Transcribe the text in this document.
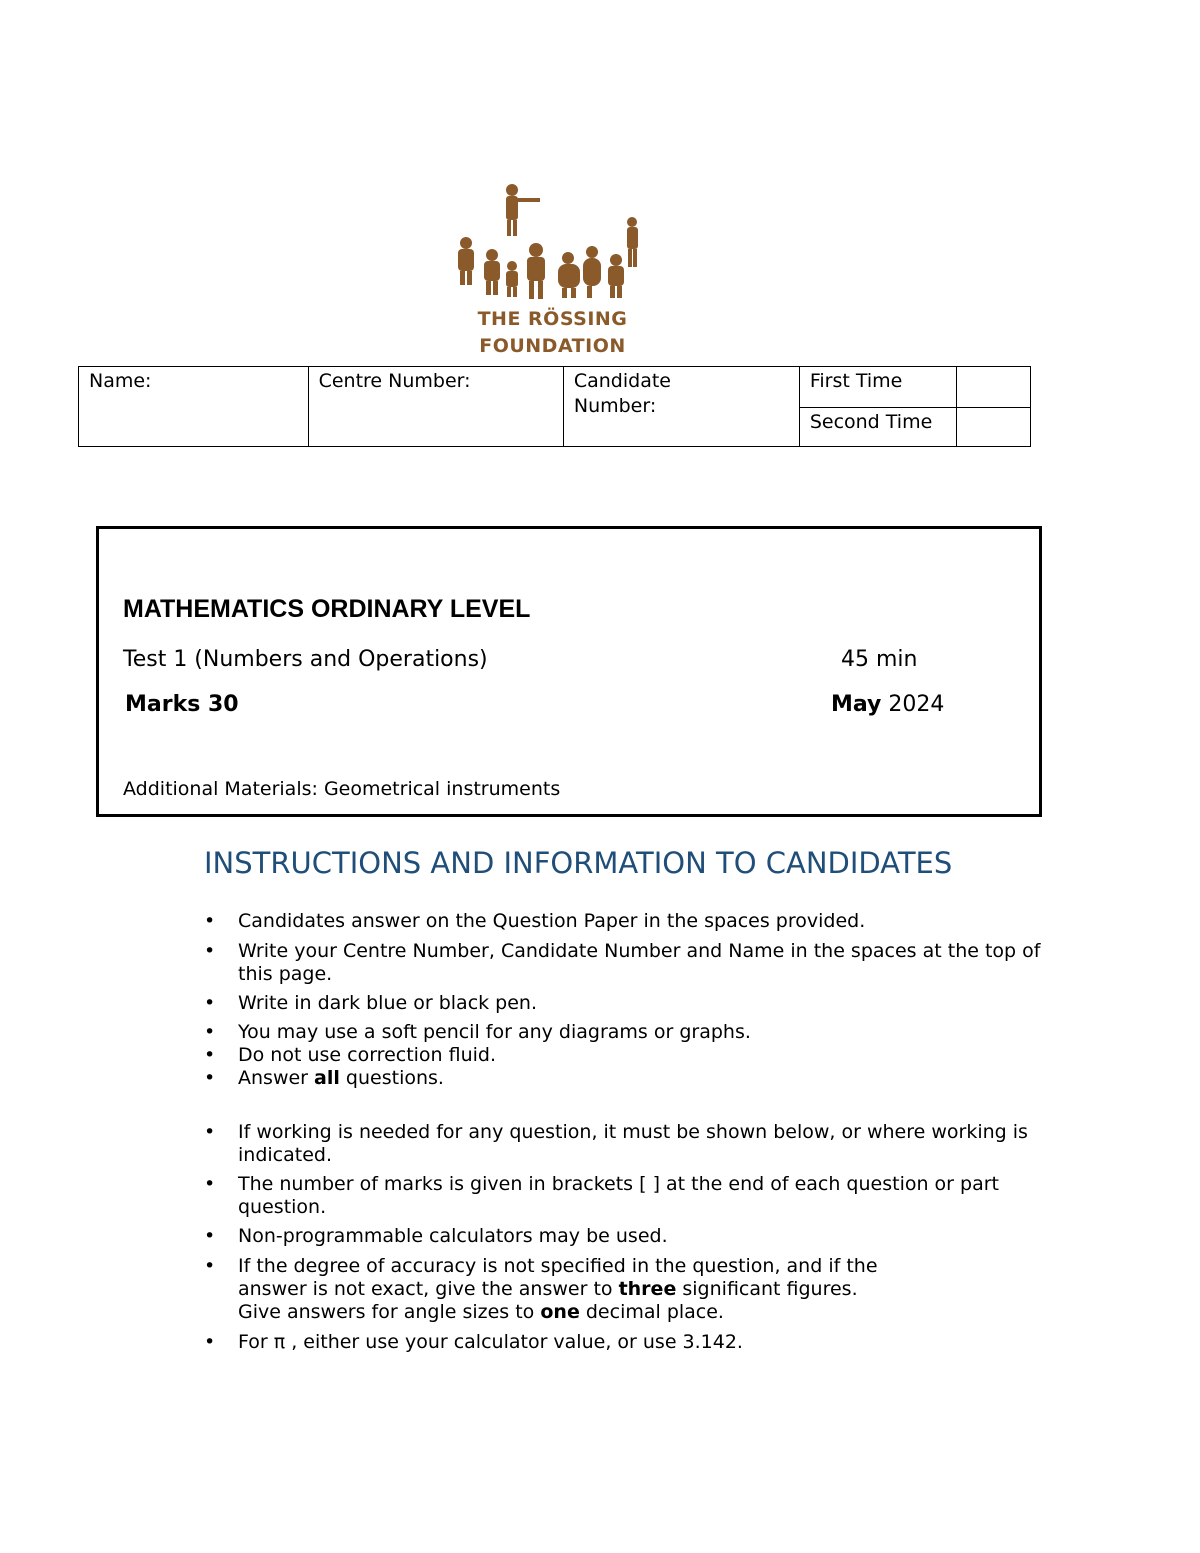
THE RÖSSING
FOUNDATION
Name:	Centre Number:	Candidate Number:	First Time	
			Second Time	
MATHEMATICS ORDINARY LEVEL
Test 1 (Numbers and Operations)	45 min
Marks 30	May 2024
Additional Materials: Geometrical instruments
INSTRUCTIONS AND INFORMATION TO CANDIDATES
• Candidates answer on the Question Paper in the spaces provided.
• Write your Centre Number, Candidate Number and Name in the spaces at the top of this page.
• Write in dark blue or black pen.
• You may use a soft pencil for any diagrams or graphs.
• Do not use correction fluid.
• Answer all questions.
• If working is needed for any question, it must be shown below, or where working is indicated.
• The number of marks is given in brackets [ ] at the end of each question or part question.
• Non-programmable calculators may be used.
• If the degree of accuracy is not specified in the question, and if the answer is not exact, give the answer to three significant figures. Give answers for angle sizes to one decimal place.
• For π , either use your calculator value, or use 3.142.
